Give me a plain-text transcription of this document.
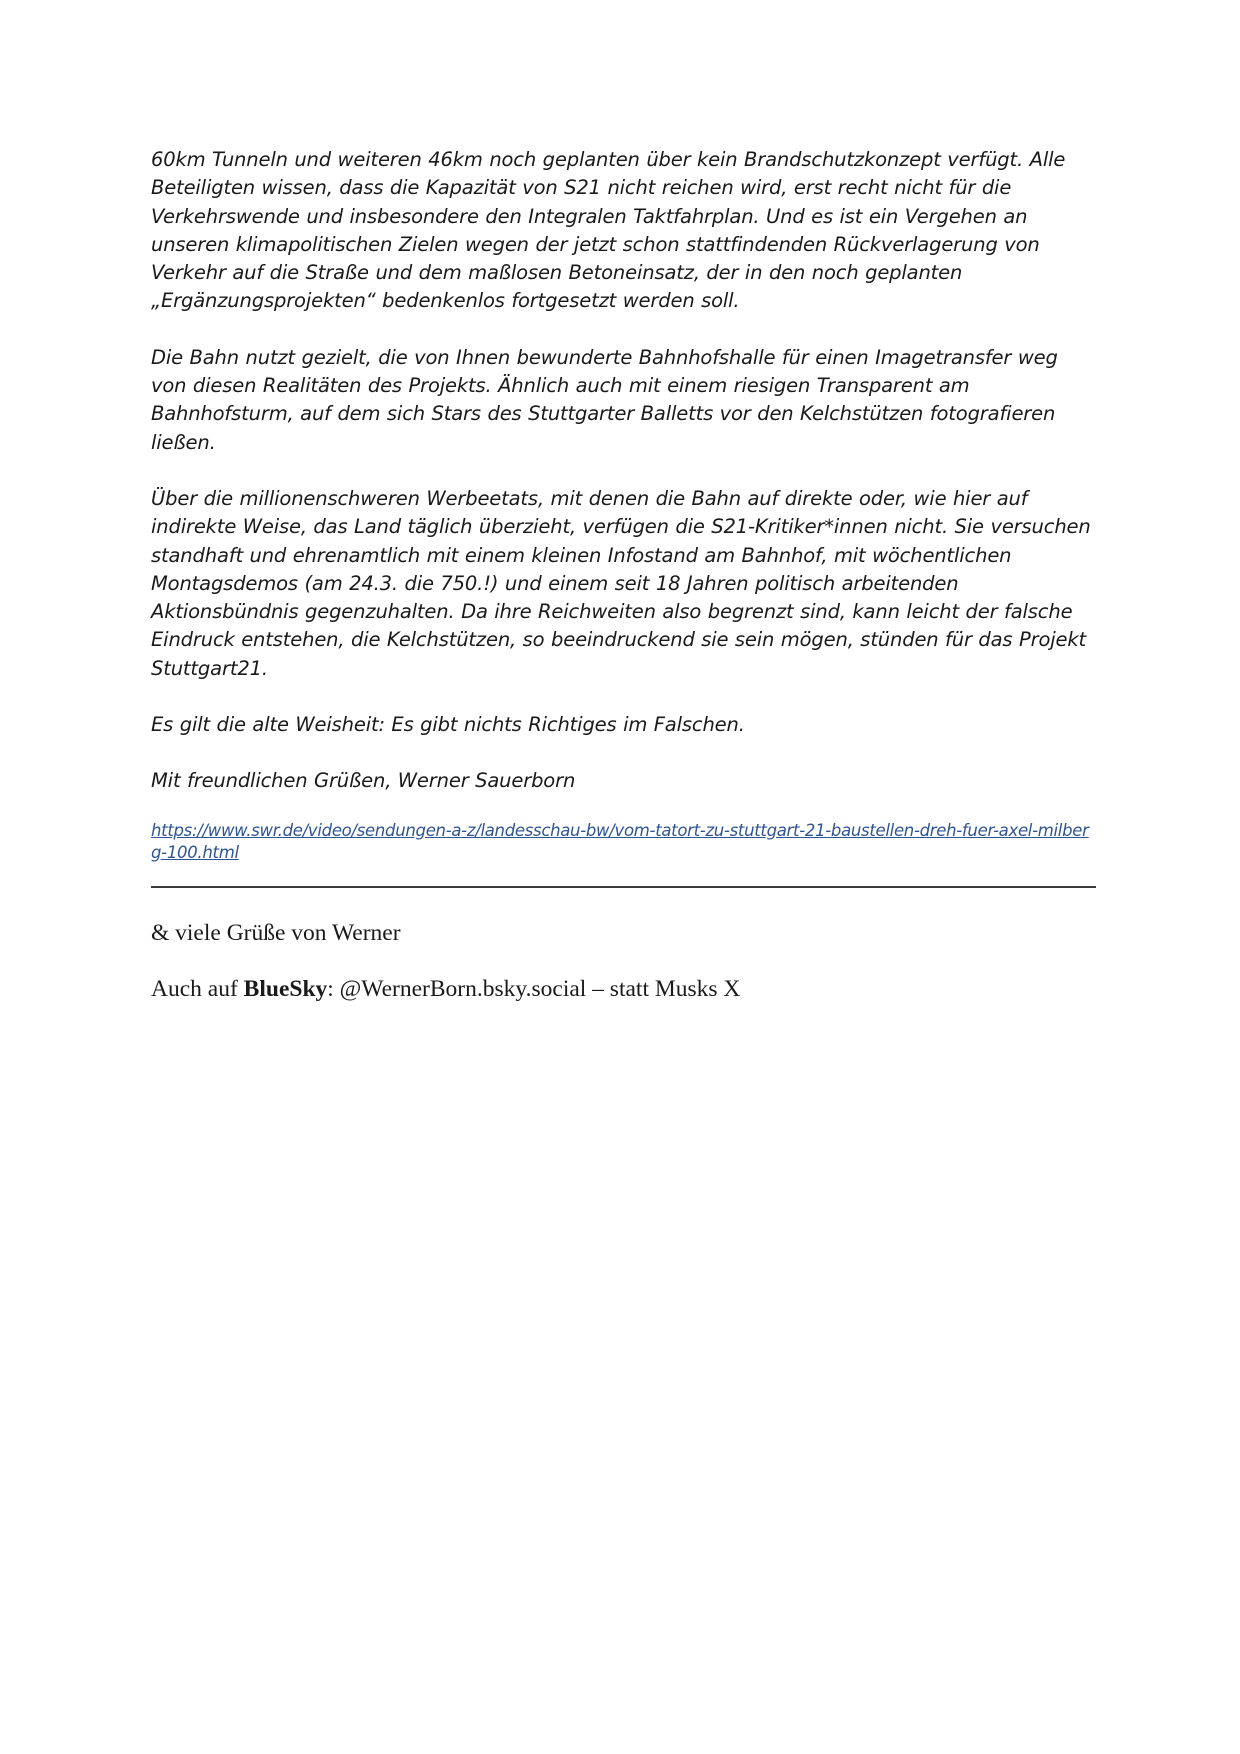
60km Tunneln und weiteren 46km noch geplanten über kein Brandschutzkonzept verfügt. Alle Beteiligten wissen, dass die Kapazität von S21 nicht reichen wird, erst recht nicht für die Verkehrswende und insbesondere den Integralen Taktfahrplan. Und es ist ein Vergehen an unseren klimapolitischen Zielen wegen der jetzt schon stattfindenden Rückverlagerung von Verkehr auf die Straße und dem maßlosen Betoneinsatz, der in den noch geplanten „Ergänzungsprojekten“ bedenkenlos fortgesetzt werden soll.

Die Bahn nutzt gezielt, die von Ihnen bewunderte Bahnhofshalle für einen Imagetransfer weg von diesen Realitäten des Projekts. Ähnlich auch mit einem riesigen Transparent am Bahnhofsturm, auf dem sich Stars des Stuttgarter Balletts vor den Kelchstützen fotografieren ließen.

Über die millionenschweren Werbeetats, mit denen die Bahn auf direkte oder, wie hier auf indirekte Weise, das Land täglich überzieht, verfügen die S21-Kritiker*innen nicht. Sie versuchen standhaft und ehrenamtlich mit einem kleinen Infostand am Bahnhof, mit wöchentlichen Montagsdemos (am 24.3. die 750.!) und einem seit 18 Jahren politisch arbeitenden Aktionsbündnis gegenzuhalten. Da ihre Reichweiten also begrenzt sind, kann leicht der falsche Eindruck entstehen, die Kelchstützen, so beeindruckend sie sein mögen, stünden für das Projekt Stuttgart21.

Es gilt die alte Weisheit: Es gibt nichts Richtiges im Falschen.

Mit freundlichen Grüßen, Werner Sauerborn

https://www.swr.de/video/sendungen-a-z/landesschau-bw/vom-tatort-zu-stuttgart-21-baustellen-dreh-fuer-axel-milberg-100.html

& viele Grüße von Werner

Auch auf BlueSky: @WernerBorn.bsky.social – statt Musks X
